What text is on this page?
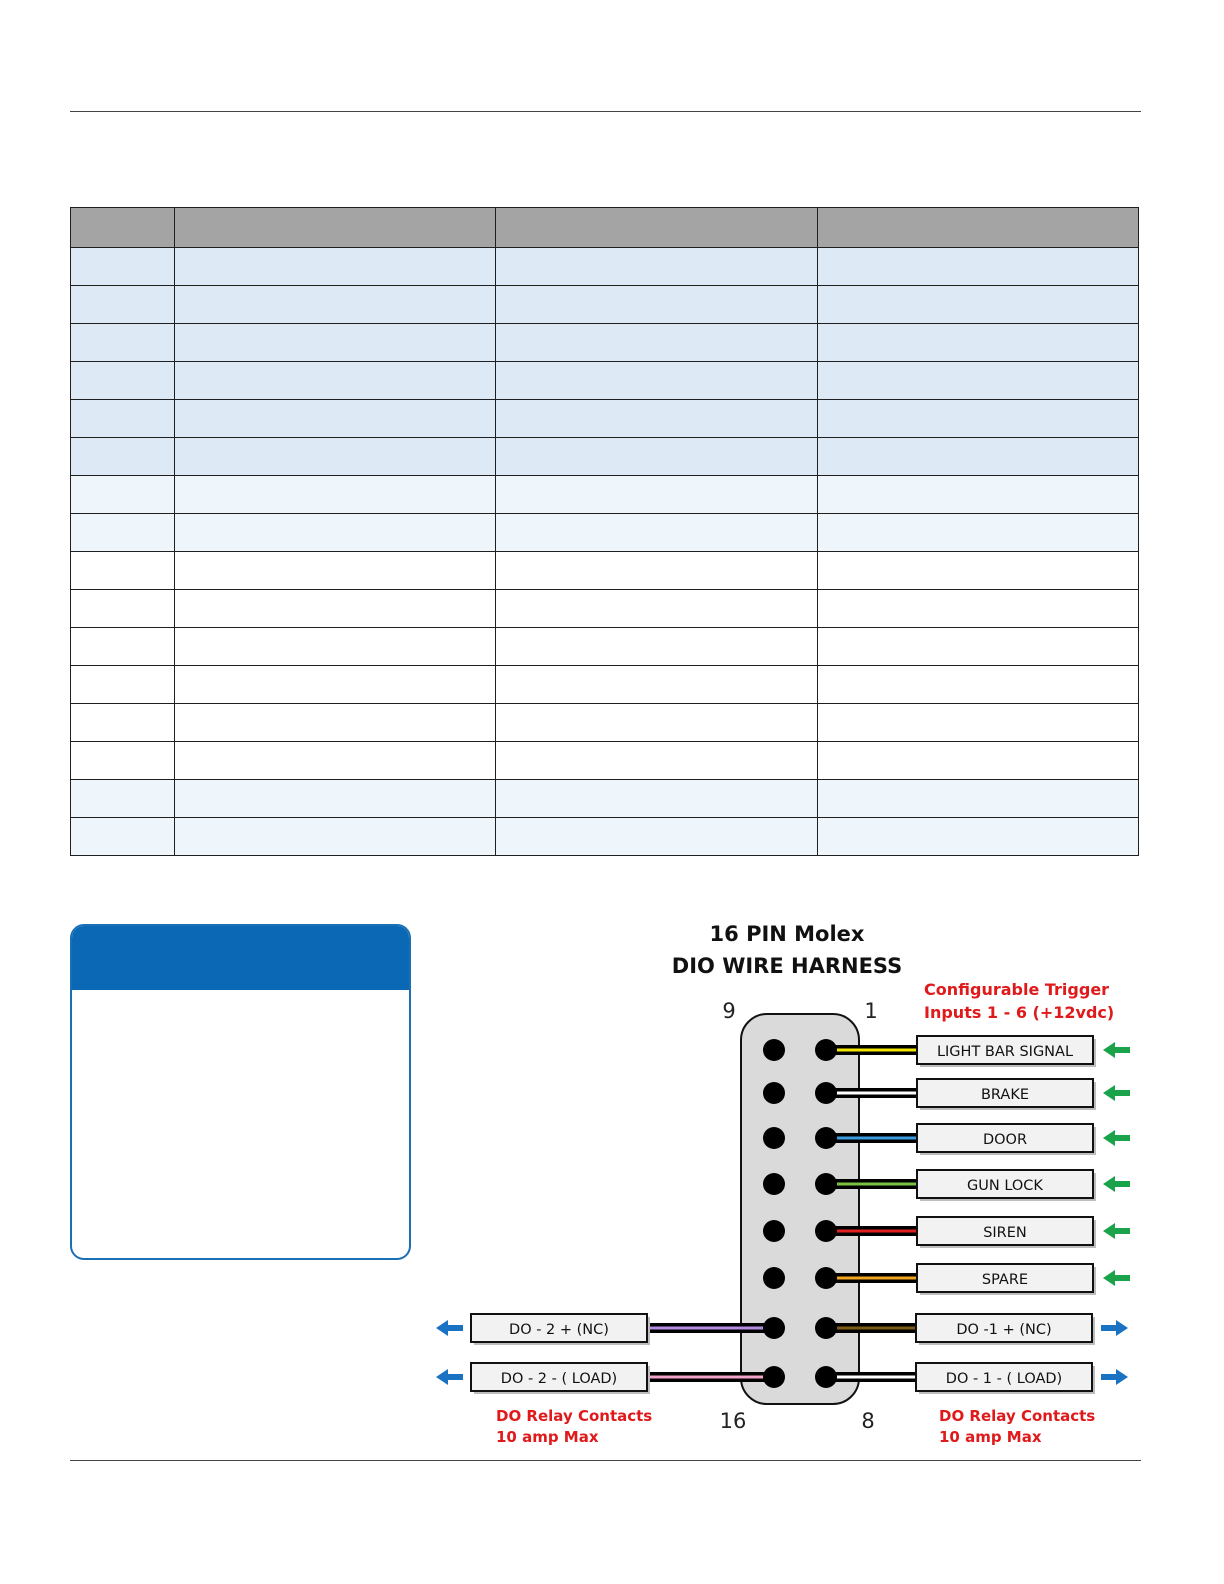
16 PIN Molex
DIO WIRE HARNESS
Configurable Trigger
Inputs 1 - 6 (+12vdc)
9	1
16	8
LIGHT BAR SIGNAL
BRAKE
DOOR
GUN LOCK
SIREN
SPARE
DO -1 + (NC)
DO - 1 - ( LOAD)
DO - 2 + (NC)
DO - 2 - ( LOAD)
DO Relay Contacts
10 amp Max
DO Relay Contacts
10 amp Max
